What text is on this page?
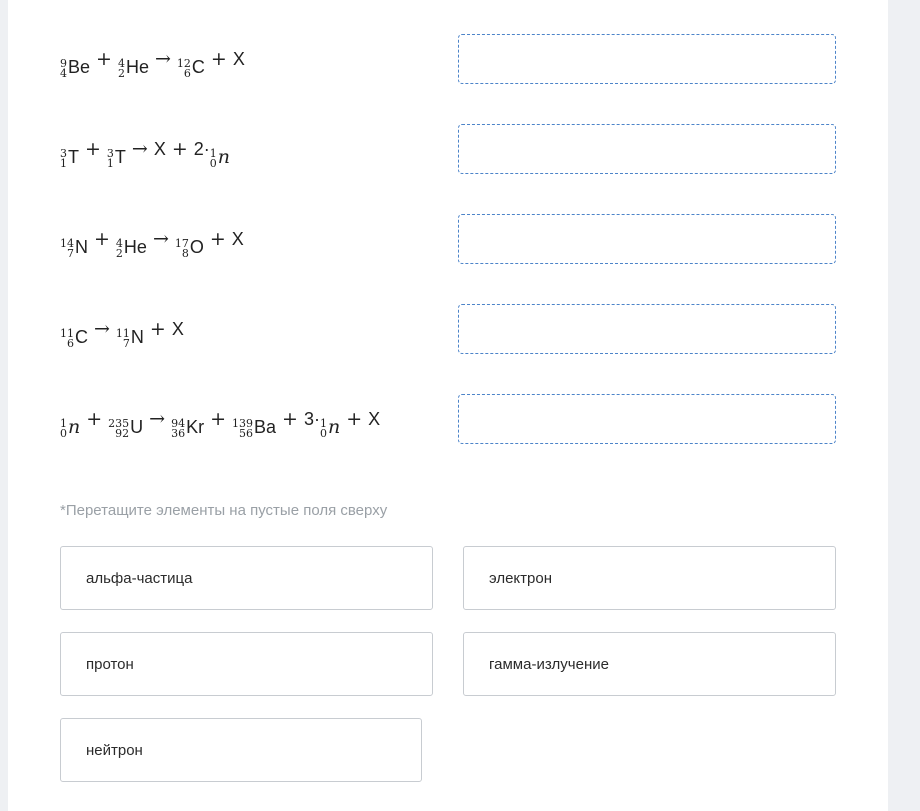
9
4 Be + 4
2 He → 12
6 C + X
3
1 T + 3
1 T → X + 2· 1
0 n
14
7 N + 4
2 He → 17
8 O + X
11
6 C → 11
7 N + X
1
0 n + 235
92 U → 94
36 Kr + 139
56 Ba + 3· 1
0 n + X
*Перетащите элементы на пустые поля сверху
альфа-частица	электрон
протон	гамма-излучение
нейтрон
